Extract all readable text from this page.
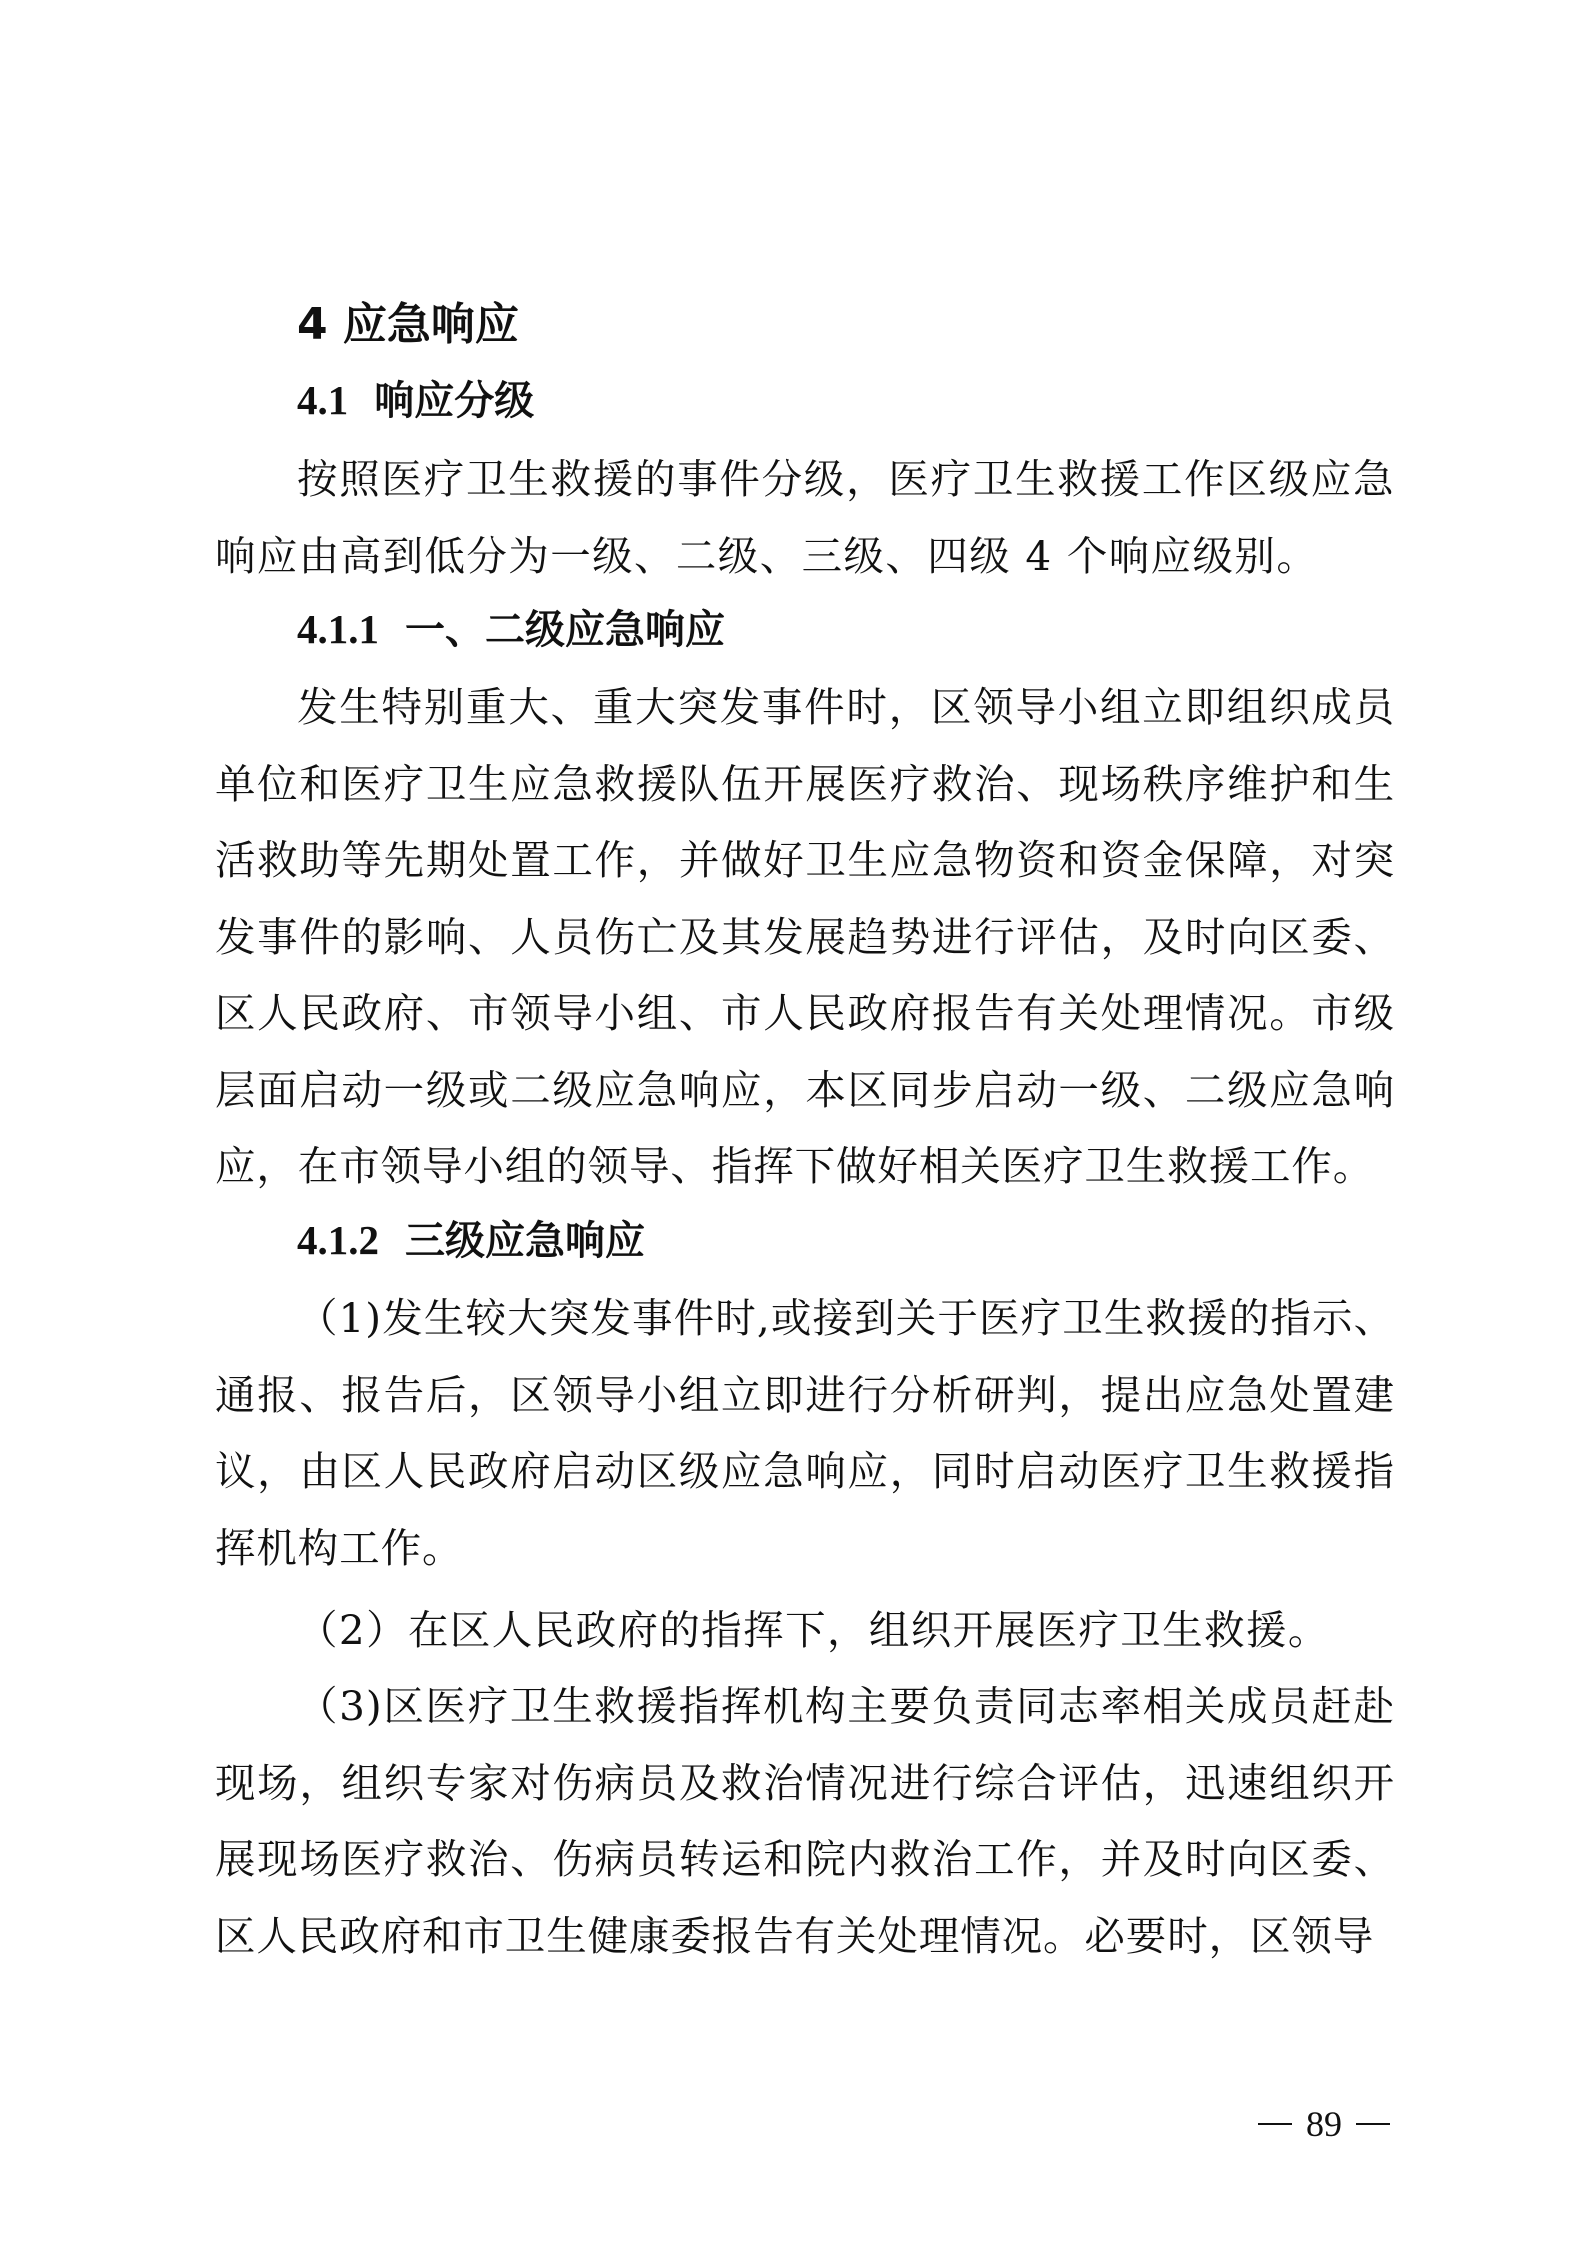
4 应急响应
4.1 响应分级

按照医疗卫生救援的事件分级，医疗卫生救援工作区级应急响应由高到低分为一级、二级、三级、四级 4 个响应级别。

4.1.1 一、二级应急响应

发生特别重大、重大突发事件时，区领导小组立即组织成员单位和医疗卫生应急救援队伍开展医疗救治、现场秩序维护和生活救助等先期处置工作，并做好卫生应急物资和资金保障，对突发事件的影响、人员伤亡及其发展趋势进行评估，及时向区委、区人民政府、市领导小组、市人民政府报告有关处理情况。市级层面启动一级或二级应急响应，本区同步启动一级、二级应急响应，在市领导小组的领导、指挥下做好相关医疗卫生救援工作。

4.1.2 三级应急响应

（1)发生较大突发事件时,或接到关于医疗卫生救援的指示、通报、报告后，区领导小组立即进行分析研判，提出应急处置建议，由区人民政府启动区级应急响应，同时启动医疗卫生救援指挥机构工作。

（2）在区人民政府的指挥下，组织开展医疗卫生救援。

（3)区医疗卫生救援指挥机构主要负责同志率相关成员赶赴现场，组织专家对伤病员及救治情况进行综合评估，迅速组织开展现场医疗救治、伤病员转运和院内救治工作，并及时向区委、区人民政府和市卫生健康委报告有关处理情况。必要时，区领导

89
